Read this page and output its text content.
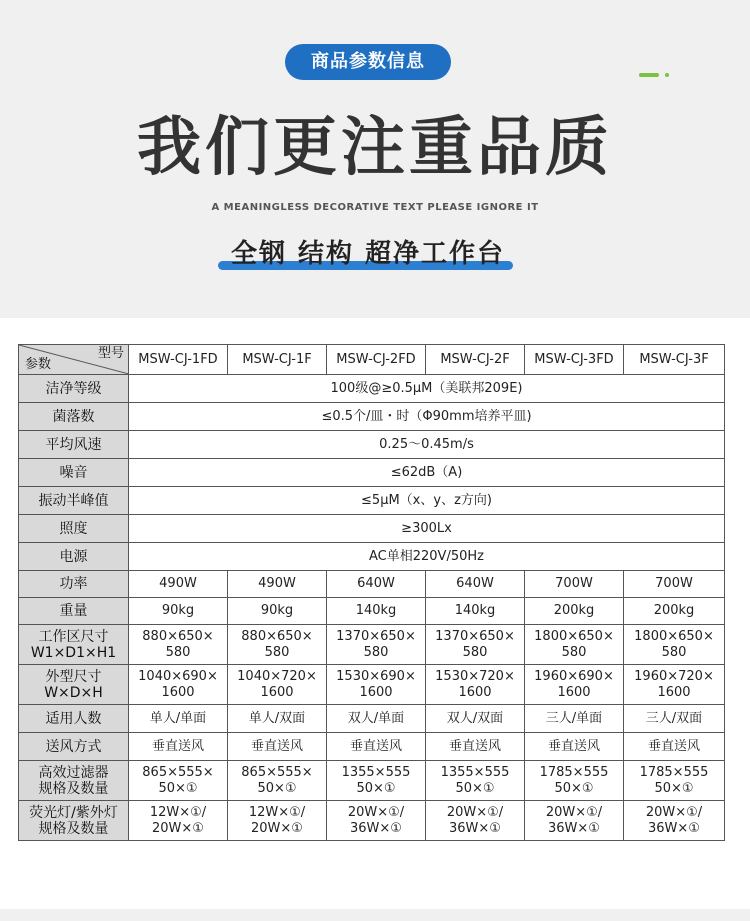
商品参数信息
我们更注重品质
A MEANINGLESS DECORATIVE TEXT PLEASE IGNORE IT
全钢 结构 超净工作台
型号
参数	MSW-CJ-1FD	MSW-CJ-1F	MSW-CJ-2FD	MSW-CJ-2F	MSW-CJ-3FD	MSW-CJ-3F
洁净等级	100级@≥0.5μM（美联邦209E)					
菌落数	≤0.5个/皿・时（Φ90mm培养平皿)					
平均风速	0.25～0.45m/s					
噪音	≤62dB（A)					
振动半峰值	≤5μM（x、y、z方向)					
照度	≥300Lx					
电源	AC单相220V/50Hz					
功率	490W	490W	640W	640W	700W	700W
重量	90kg	90kg	140kg	140kg	200kg	200kg
工作区尺寸
W1×D1×H1	880×650×
580	880×650×
580	1370×650×
580	1370×650×
580	1800×650×
580	1800×650×
580
外型尺寸
W×D×H	1040×690×
1600	1040×720×
1600	1530×690×
1600	1530×720×
1600	1960×690×
1600	1960×720×
1600
适用人数	单人/单面	单人/双面	双人/单面	双人/双面	三人/单面	三人/双面
送风方式	垂直送风	垂直送风	垂直送风	垂直送风	垂直送风	垂直送风
高效过滤器
规格及数量	865×555×
50×①	865×555×
50×①	1355×555
50×①	1355×555
50×①	1785×555
50×①	1785×555
50×①
荧光灯/紫外灯
规格及数量	12W×①/
20W×①	12W×①/
20W×①	20W×①/
36W×①	20W×①/
36W×①	20W×①/
36W×①	20W×①/
36W×①
